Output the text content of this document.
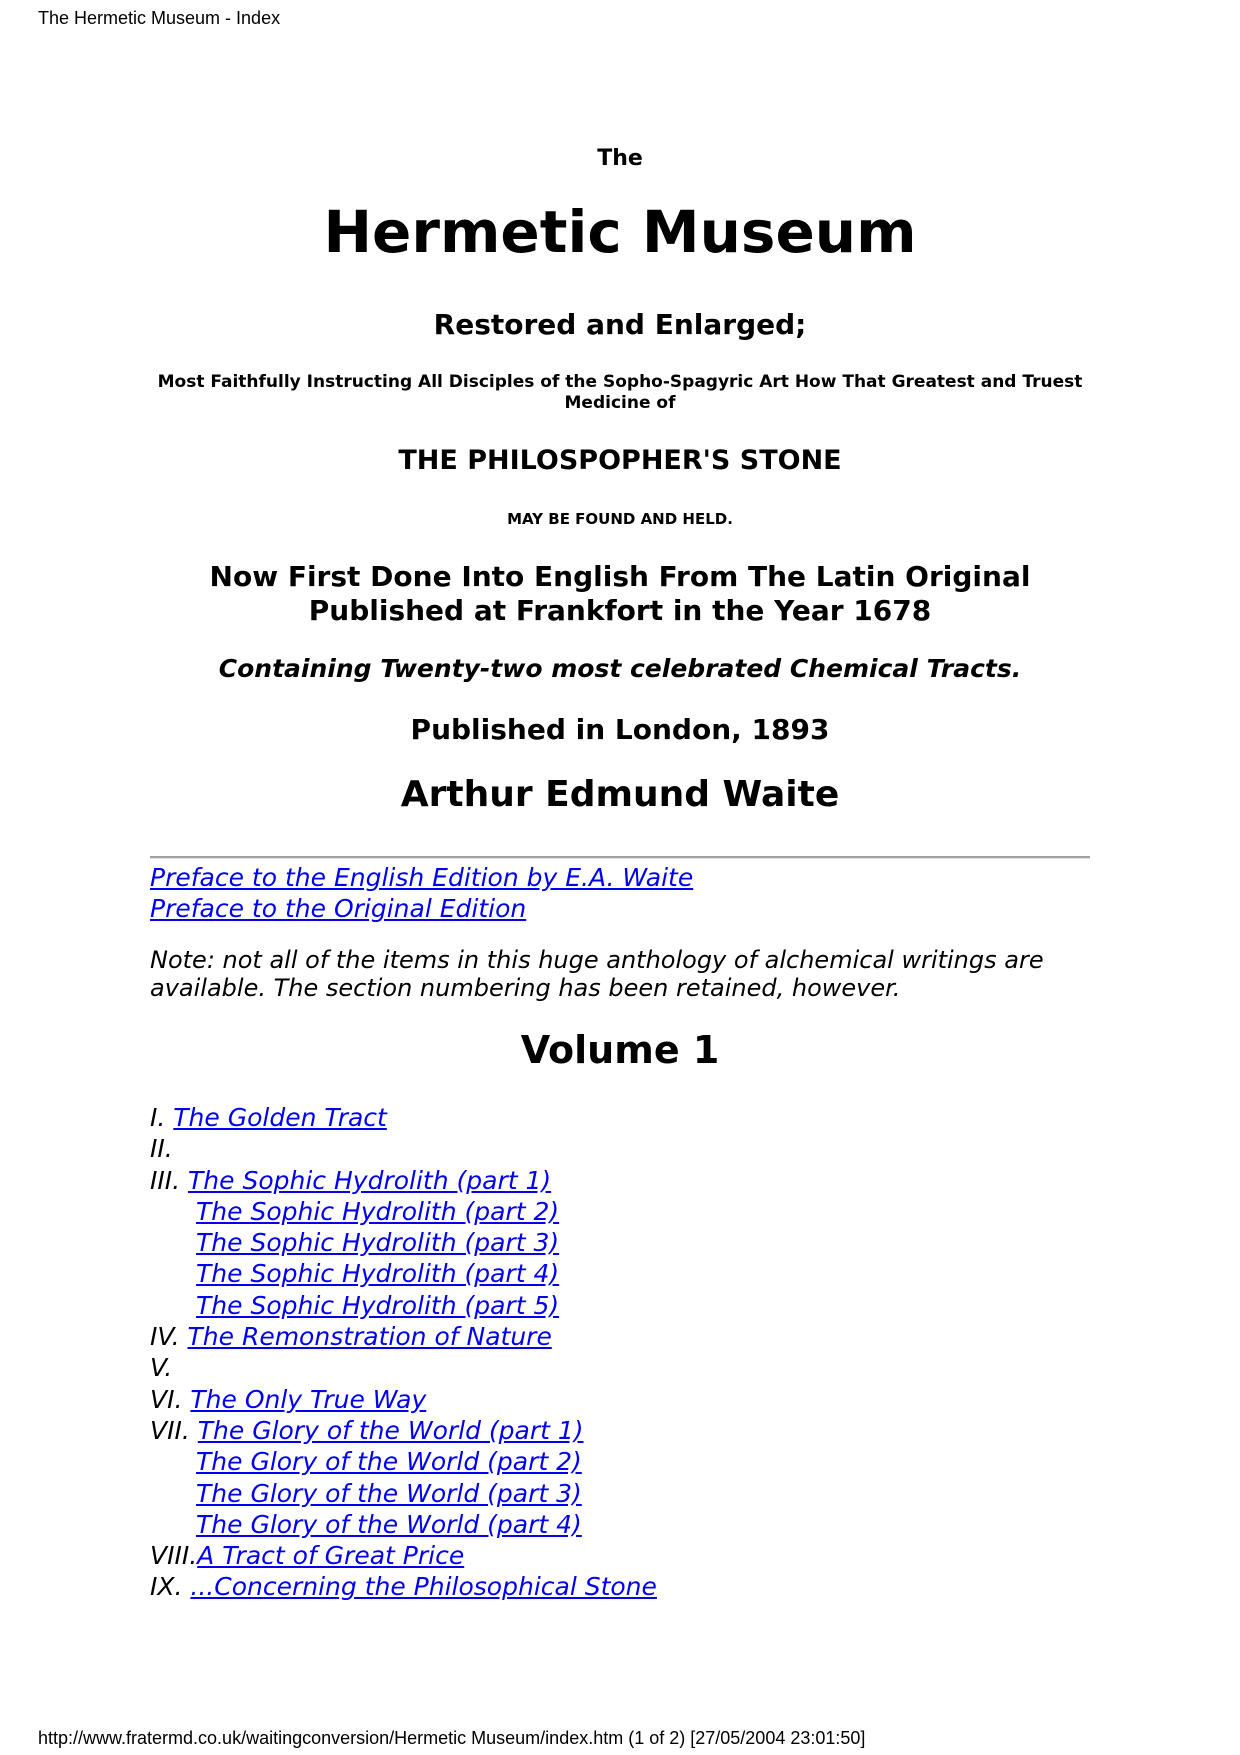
The Hermetic Museum - Index
The
Hermetic Museum
Restored and Enlarged;
Most Faithfully Instructing All Disciples of the Sopho-Spagyric Art How That Greatest and Truest Medicine of
THE PHILOSPOPHER'S STONE
MAY BE FOUND AND HELD.
Now First Done Into English From The Latin Original Published at Frankfort in the Year 1678
Containing Twenty-two most celebrated Chemical Tracts.
Published in London, 1893
Arthur Edmund Waite
Preface to the English Edition by E.A. Waite
Preface to the Original Edition
Note: not all of the items in this huge anthology of alchemical writings are available. The section numbering has been retained, however.
Volume 1
I. The Golden Tract
II.
III. The Sophic Hydrolith (part 1)
The Sophic Hydrolith (part 2)
The Sophic Hydrolith (part 3)
The Sophic Hydrolith (part 4)
The Sophic Hydrolith (part 5)
IV. The Remonstration of Nature
V.
VI. The Only True Way
VII. The Glory of the World (part 1)
The Glory of the World (part 2)
The Glory of the World (part 3)
The Glory of the World (part 4)
VIII.A Tract of Great Price
IX. ...Concerning the Philosophical Stone
http://www.fratermd.co.uk/waitingconversion/Hermetic Museum/index.htm (1 of 2) [27/05/2004 23:01:50]
